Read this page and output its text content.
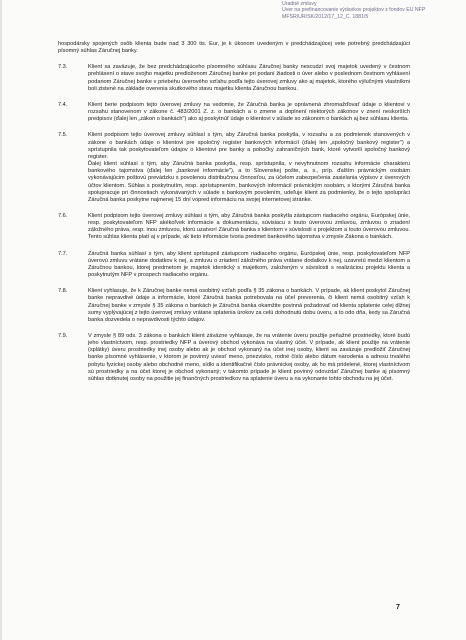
Úradné zmluvy
Úver na prefinancovanie výdavkov projektov z fondov EÚ NFP
MFSR/ÚR/SK/2012/17_12_Č. 1881/5

hospodársky spojených osôb klienta bude nad 3 300 tis. Eur, je k úkonom uvedeným v predchádzajúcej vete potrebný predchádzajúci písomný súhlas Záručnej banky.

7.3.	Klient sa zaväzuje, že bez predchádzajúceho písomného súhlasu Záručnej banky nescudzí svoj majetok uvedený v čestnom prehlásení o stave svojho majetku predloženom Záručnej banke pri podaní žiadosti o úver alebo v poslednom čestnom vyhlásení podanom Záručnej banke v priebehu úverového vzťahu podľa tejto úverovej zmluvy ako aj majetok, ktorého výlučnými vlastníkmi boli zistené na základe overenia skutkového stavu majetku klienta Záručnou bankou.

7.4.	Klient berie podpisom tejto úverovej zmluvy na vedomie, že Záručná banka je oprávnená zhromažďovať údaje o klientovi v rozsahu stanovenom v zákone č. 483/2001 Z. z. o bankách a o zmene a doplnení niektorých zákonov v znení neskorších predpisov (ďalej len „zákon o bankách") ako aj poskytnúť údaje o klientovi v súlade so zákonom o bankách aj bez súhlasu klienta.

7.5.	Klient podpisom tejto úverovej zmluvy súhlasí s tým, aby Záručná banka poskytla, v rozsahu a za podmienok stanovených v zákone o bankách údaje o klientovi pre spoločný register bankových informácií (ďalej len „spoločný bankový register") a sprístupnila tak poskytovateľom údajov o klientovi pre banky a pobočky zahraničných bank, ktoré vytvorili spoločný bankový register.

Ďalej klient súhlasí s tým, aby Záručná banka poskytla, resp. sprístupnila, v nevyhnutnom rozsahu informácie charakteru bankového tajomstva (ďalej len „bankové informácie"), a to Slovenskej pošte, a. s., príp. ďalším právnickým osobám vykonávajúcim poštovú prevádzku s povolenou distribučnou činnosťou, za účelom zabezpečenia zasielania výpisov z úverových účtov klientom. Súhlas s poskytnutím, resp. sprístupnením, bankových informácií právnickým osobám, s ktorými Záručná banka spolupracuje pri činnostiach vykonávaných v súlade s bankovým povolením, udeľuje klient za podmienky, že o tejto spolupráci Záručná banka poskytne najmenej 15 dní vopred informáciu na svojej internetovej stránke.

7.6.	Klient podpisom tejto úverovej zmluvy súhlasí s tým, aby Záručná banka poskytla zástupcom riadiaceho orgánu, Európskej únie, resp. poskytovateľom NFP akékoľvek informácie a dokumentáciu, súvisiacu s touto úverovou zmluvou, zmluvou o zriadení záložného práva, resp. inou zmluvou, ktorú uzatvorí Záručná banka s klientom v súvislosti s projektom a touto úverovou zmluvou. Tento súhlas klienta platí aj v prípade, ak tieto informácie tvoria predmet bankového tajomstva v zmysle Zákona o bankách.

7.7.	Záručná banka súhlasí s tým, aby klient sprístupnil zástupcom riadiaceho orgánu, Európskej únie, resp. poskytovateľom NFP úverovú zmluvu vrátane dodatkov k nej, a zmluvu o zriadení záložného práva vrátane dodatkov k nej, uzavretú medzi klientom a Záručnou bankou, ktorej predmetom je majetok identický s majetkom, založeným v súvislosti s realizáciou projektu klienta a poskytnutým NFP v prospech riadiaceho orgánu.

7.8.	Klient vyhlasuje, že k Záručnej banke nemá osobitný vzťah podľa § 35 zákona o bankách. V prípade, ak klient poskytol Záručnej banke nepravdivé údaje a informácie, ktoré Záručná banka potrebovala na účel preverenia, či klient nemá osobitný vzťah k Záručnej banke v zmysle § 35 zákona o bankách je Záručná banka okamžite povinná požadovať od klienta splatenie celej dlžnej sumy vyplývajúcej z tejto úverovej zmluvy vrátane splatenia úrokov za celú dohodnutú dobu úveru, a to odo dňa, kedy sa Záručná banka dozvedela o nepravdivosti týchto údajov.

7.9.	V zmysle § 89 ods. 3 zákona o bankách klient záväzne vyhlasuje, že na vrátenie úveru použije peňažné prostriedky, ktoré budú jeho vlastníctvom, resp. prostriedky NFP a úverový obchod vykonáva na vlastný účet. V prípade, ak klient použije na vrátenie (splátky) úveru prostriedky inej osoby alebo ak je obchod vykonaný na účet inej osoby, klient sa zaväzuje predložiť Záručnej banke písomné vyhlásenie, v ktorom je povinný uviesť meno, priezvisko, rodné číslo alebo dátum narodenia a adresu trvalého pobytu fyzickej osoby alebo obchodné meno, sídlo a identifikačné číslo právnickej osoby, ak ho má pridelené, ktorej vlastníctvom sú prostriedky a na účet ktorej je obchod vykonaný; v takomto prípade je klient povinný odovzdať Záručnej banke aj písomný súhlas dotknutej osoby na použitie jej finančných prostriedkov na splatenie úveru a na vykonanie tohto obchodu na jej účet.

7
